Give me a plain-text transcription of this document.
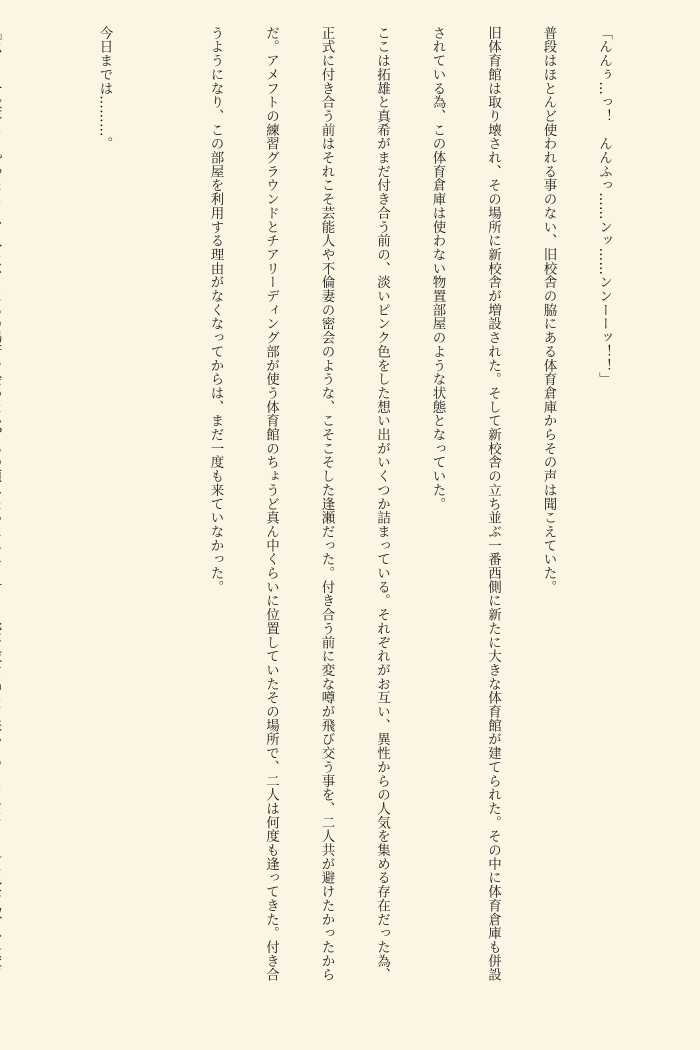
「んんぅ…っ！　んんふっ……ンッ……ンンーーッ！！」

普段はほとんど使われる事のない、旧校舎の脇にある体育倉庫からその声は聞こえていた。

旧体育館は取り壊され、その場所に新校舎が増設された。そして新校舎の立ち並ぶ一番西側に新たに大きな体育館が建てられた。その中に体育倉庫も併設

されている為、この体育倉庫は使わない物置部屋のような状態となっていた。

ここは拓雄と真希がまだ付き合う前の、淡いピンク色をした想い出がいくつか詰まっている。それぞれがお互い、異性からの人気を集める存在だった為、

正式に付き合う前はそれこそ芸能人や不倫妻の密会のような、こそこそした逢瀬だった。付き合う前に変な噂が飛び交う事を、二人共が避けたかったから

だ。アメフトの練習グラウンドとチアリーディング部が使う体育館のちょうど真ん中くらいに位置していたその場所で、二人は何度も逢ってきた。付き合

うようになり、この部屋を利用する理由がなくなってからは、まだ一度も来ていなかった。

今日までは………。
